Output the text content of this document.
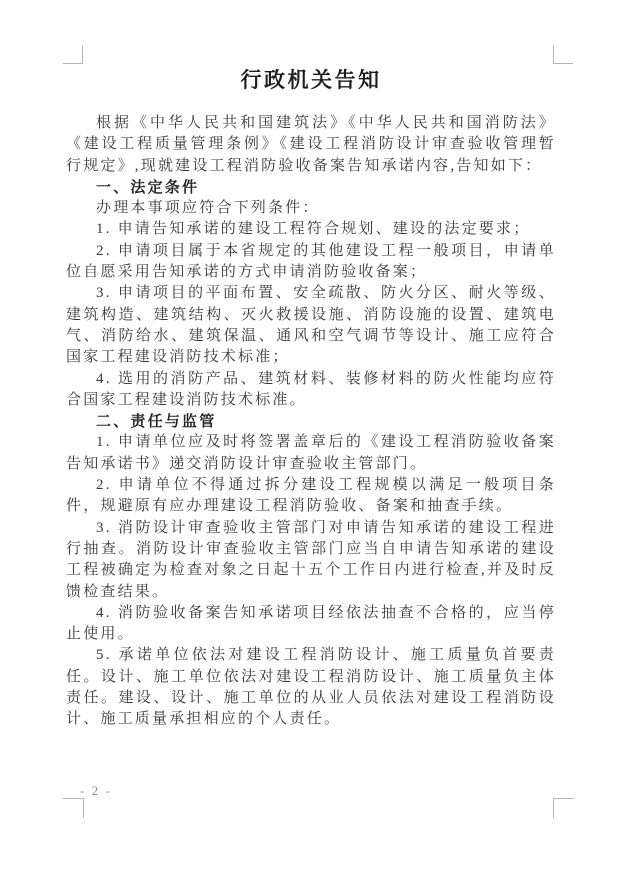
行政机关告知

根据《中华人民共和国建筑法》《中华人民共和国消防法》《建设工程质量管理条例》《建设工程消防设计审查验收管理暂行规定》,现就建设工程消防验收备案告知承诺内容,告知如下：

一、法定条件

办理本事项应符合下列条件：

1. 申请告知承诺的建设工程符合规划、建设的法定要求；

2. 申请项目属于本省规定的其他建设工程一般项目，申请单位自愿采用告知承诺的方式申请消防验收备案；

3. 申请项目的平面布置、安全疏散、防火分区、耐火等级、建筑构造、建筑结构、灭火救援设施、消防设施的设置、建筑电气、消防给水、建筑保温、通风和空气调节等设计、施工应符合国家工程建设消防技术标准；

4. 选用的消防产品、建筑材料、装修材料的防火性能均应符合国家工程建设消防技术标准。

二、责任与监管

1. 申请单位应及时将签署盖章后的《建设工程消防验收备案告知承诺书》递交消防设计审查验收主管部门。

2. 申请单位不得通过拆分建设工程规模以满足一般项目条件，规避原有应办理建设工程消防验收、备案和抽查手续。

3. 消防设计审查验收主管部门对申请告知承诺的建设工程进行抽查。消防设计审查验收主管部门应当自申请告知承诺的建设工程被确定为检查对象之日起十五个工作日内进行检查,并及时反馈检查结果。

4. 消防验收备案告知承诺项目经依法抽查不合格的，应当停止使用。

5. 承诺单位依法对建设工程消防设计、施工质量负首要责任。设计、施工单位依法对建设工程消防设计、施工质量负主体责任。建设、设计、施工单位的从业人员依法对建设工程消防设计、施工质量承担相应的个人责任。

- 2 -
